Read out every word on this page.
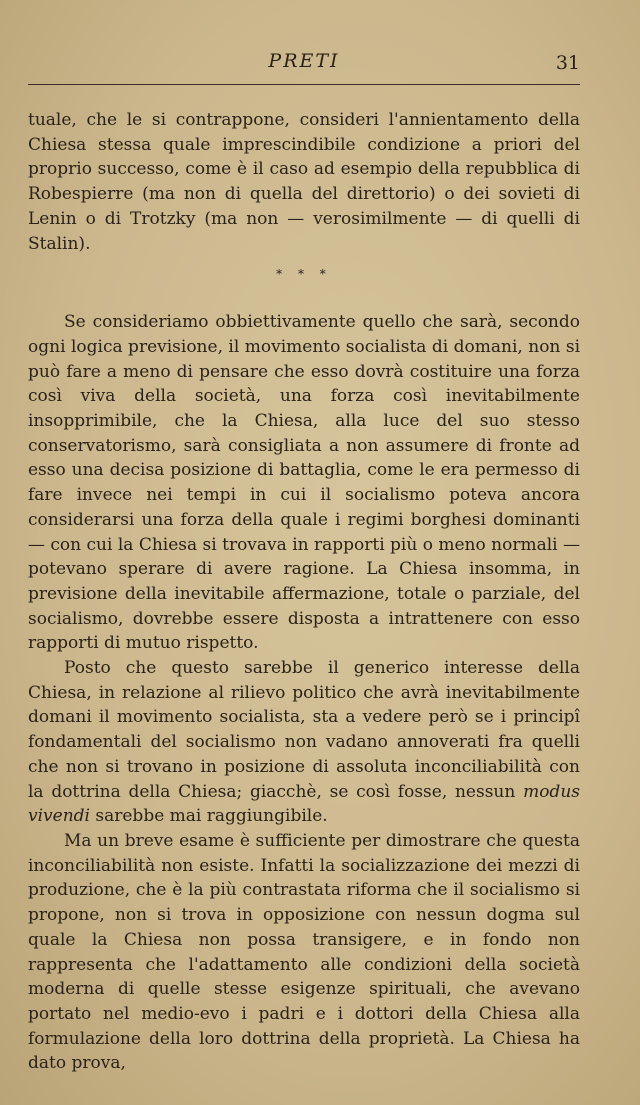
PRETI	31

tuale, che le si contrappone, consideri l'annientamento della Chiesa stessa quale imprescindibile condizione a priori del proprio successo, come è il caso ad esempio della repubblica di Robespierre (ma non di quella del direttorio) o dei sovieti di Lenin o di Trotzky (ma non — verosimilmente — di quelli di Stalin).

* * *

Se consideriamo obbiettivamente quello che sarà, secondo ogni logica previsione, il movimento socialista di domani, non si può fare a meno di pensare che esso dovrà costituire una forza così viva della società, una forza così inevitabilmente insopprimibile, che la Chiesa, alla luce del suo stesso conservatorismo, sarà consigliata a non assumere di fronte ad esso una decisa posizione di battaglia, come le era permesso di fare invece nei tempi in cui il socialismo poteva ancora considerarsi una forza della quale i regimi borghesi dominanti — con cui la Chiesa si trovava in rapporti più o meno normali — potevano sperare di avere ragione. La Chiesa insomma, in previsione della inevitabile affermazione, totale o parziale, del socialismo, dovrebbe essere disposta a intrattenere con esso rapporti di mutuo rispetto.

Posto che questo sarebbe il generico interesse della Chiesa, in relazione al rilievo politico che avrà inevitabilmente domani il movimento socialista, sta a vedere però se i principî fondamentali del socialismo non vadano annoverati fra quelli che non si trovano in posizione di assoluta inconciliabilità con la dottrina della Chiesa; giacchè, se così fosse, nessun modus vivendi sarebbe mai raggiungibile.

Ma un breve esame è sufficiente per dimostrare che questa inconciliabilità non esiste. Infatti la socializzazione dei mezzi di produzione, che è la più contrastata riforma che il socialismo si propone, non si trova in opposizione con nessun dogma sul quale la Chiesa non possa transigere, e in fondo non rappresenta che l'adattamento alle condizioni della società moderna di quelle stesse esigenze spirituali, che avevano portato nel medio-evo i padri e i dottori della Chiesa alla formulazione della loro dottrina della proprietà. La Chiesa ha dato prova,
